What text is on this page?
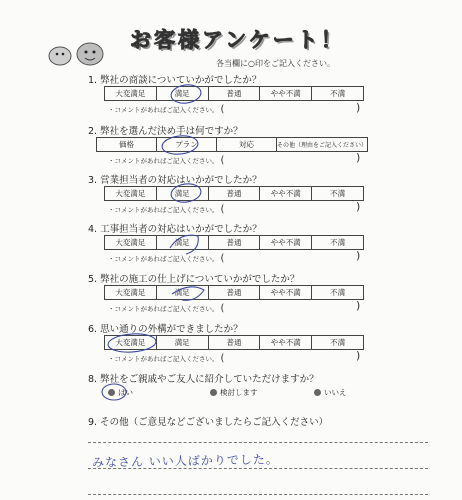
お客様アンケート！
各当欄に○印をご記入ください。
1. 弊社の商談についていかがでしたか？
大変満足	満足	普通	やや不満	不満
・コメントがあればご記入ください。 (	)
2. 弊社を選んだ決め手は何ですか？
価格	プラン	対応	その他（理由をご記入ください）
・コメントがあればご記入ください。 (	)
3. 営業担当者の対応はいかがでしたか？
大変満足	満足	普通	やや不満	不満
・コメントがあればご記入ください。 (	)
4. 工事担当者の対応はいかがでしたか？
大変満足	満足	普通	やや不満	不満
・コメントがあればご記入ください。 (	)
5. 弊社の施工の仕上げについていかがでしたか？
大変満足	満足	普通	やや不満	不満
・コメントがあればご記入ください。 (	)
6. 思い通りの外構ができましたか？
大変満足	満足	普通	やや不満	不満
・コメントがあればご記入ください。 (	)
8. 弊社をご親戚やご友人に紹介していただけますか？
はい	検討します	いいえ
9. その他（ご意見などございましたらご記入ください）
みなさん いい人ばかりでした。
